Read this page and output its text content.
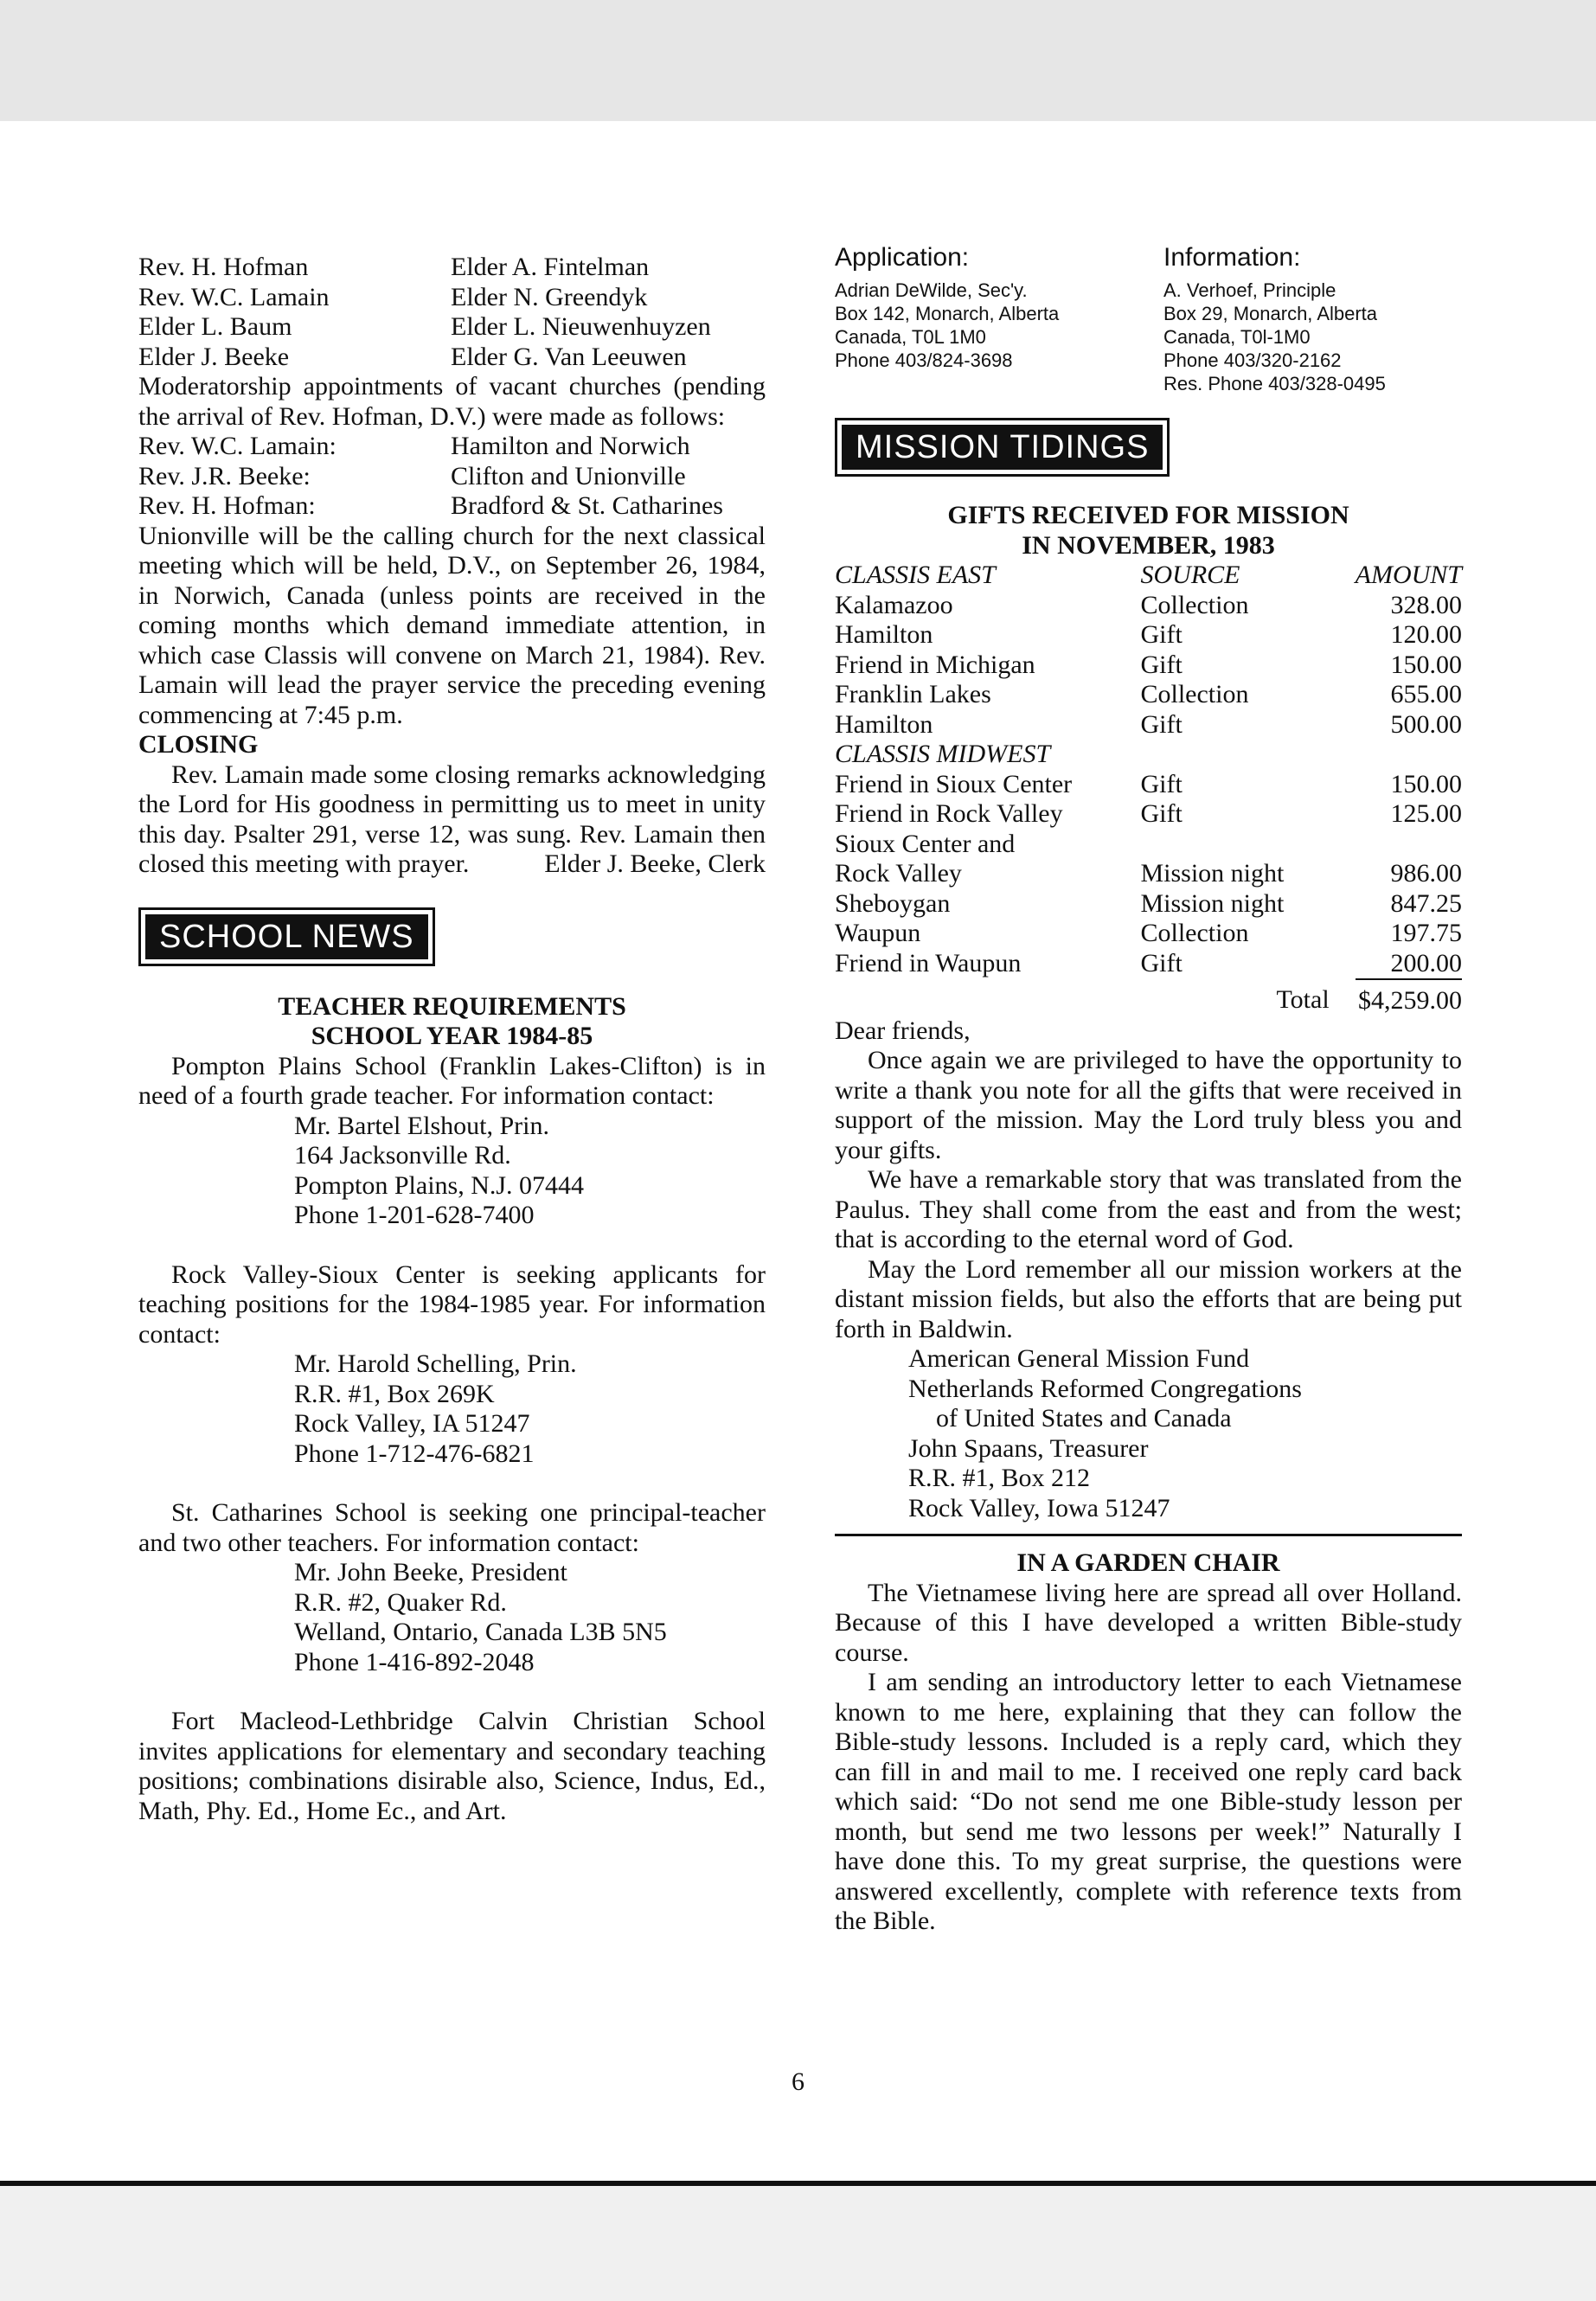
Rev. H. Hofman	Elder A. Fintelman
Rev. W.C. Lamain	Elder N. Greendyk
Elder L. Baum	Elder L. Nieuwenhuyzen
Elder J. Beeke	Elder G. Van Leeuwen

Moderatorship appointments of vacant churches (pending the arrival of Rev. Hofman, D.V.) were made as follows:

Rev. W.C. Lamain:	Hamilton and Norwich
Rev. J.R. Beeke:	Clifton and Unionville
Rev. H. Hofman:	Bradford & St. Catharines

Unionville will be the calling church for the next classical meeting which will be held, D.V., on September 26, 1984, in Norwich, Canada (unless points are received in the coming months which demand immediate attention, in which case Classis will convene on March 21, 1984). Rev. Lamain will lead the prayer service the preceding evening commencing at 7:45 p.m.

CLOSING

Rev. Lamain made some closing remarks acknowledging the Lord for His goodness in permitting us to meet in unity this day. Psalter 291, verse 12, was sung. Rev. Lamain then closed this meeting with prayer.	Elder J. Beeke, Clerk

SCHOOL NEWS
TEACHER REQUIREMENTS
SCHOOL YEAR 1984-85

Pompton Plains School (Franklin Lakes-Clifton) is in need of a fourth grade teacher. For information contact:

Mr. Bartel Elshout, Prin.
164 Jacksonville Rd.
Pompton Plains, N.J. 07444
Phone 1-201-628-7400

Rock Valley-Sioux Center is seeking applicants for teaching positions for the 1984-1985 year. For information contact:

Mr. Harold Schelling, Prin.
R.R. #1, Box 269K
Rock Valley, IA 51247
Phone 1-712-476-6821

St. Catharines School is seeking one principal-teacher and two other teachers. For information contact:

Mr. John Beeke, President
R.R. #2, Quaker Rd.
Welland, Ontario, Canada L3B 5N5
Phone 1-416-892-2048

Fort Macleod-Lethbridge Calvin Christian School invites applications for elementary and secondary teaching positions; combinations disirable also, Science, Indus, Ed., Math, Phy. Ed., Home Ec., and Art.

Application:
Adrian DeWilde, Sec'y.
Box 142, Monarch, Alberta
Canada, T0L 1M0
Phone 403/824-3698
Information:
A. Verhoef, Principle
Box 29, Monarch, Alberta
Canada, T0l-1M0
Phone 403/320-2162
Res. Phone 403/328-0495
MISSION TIDINGS
GIFTS RECEIVED FOR MISSION
IN NOVEMBER, 1983
CLASSIS EAST	SOURCE	AMOUNT
Kalamazoo	Collection	328.00
Hamilton	Gift	120.00
Friend in Michigan	Gift	150.00
Franklin Lakes	Collection	655.00
Hamilton	Gift	500.00
CLASSIS MIDWEST		
Friend in Sioux Center	Gift	150.00
Friend in Rock Valley	Gift	125.00
Sioux Center and		
Rock Valley	Mission night	986.00
Sheboygan	Mission night	847.25
Waupun	Collection	197.75
Friend in Waupun	Gift	200.00
	Total	$4,259.00

Dear friends,

Once again we are privileged to have the opportunity to write a thank you note for all the gifts that were received in support of the mission. May the Lord truly bless you and your gifts.

We have a remarkable story that was translated from the Paulus. They shall come from the east and from the west; that is according to the eternal word of God.

May the Lord remember all our mission workers at the distant mission fields, but also the efforts that are being put forth in Baldwin.

American General Mission Fund
Netherlands Reformed Congregations
of United States and Canada
John Spaans, Treasurer
R.R. #1, Box 212
Rock Valley, Iowa 51247

IN A GARDEN CHAIR

The Vietnamese living here are spread all over Holland. Because of this I have developed a written Bible-study course.

I am sending an introductory letter to each Vietnamese known to me here, explaining that they can follow the Bible-study lessons. Included is a reply card, which they can fill in and mail to me. I received one reply card back which said: “Do not send me one Bible-study lesson per month, but send me two lessons per week!” Naturally I have done this. To my great surprise, the questions were answered excellently, complete with reference texts from the Bible.

6
